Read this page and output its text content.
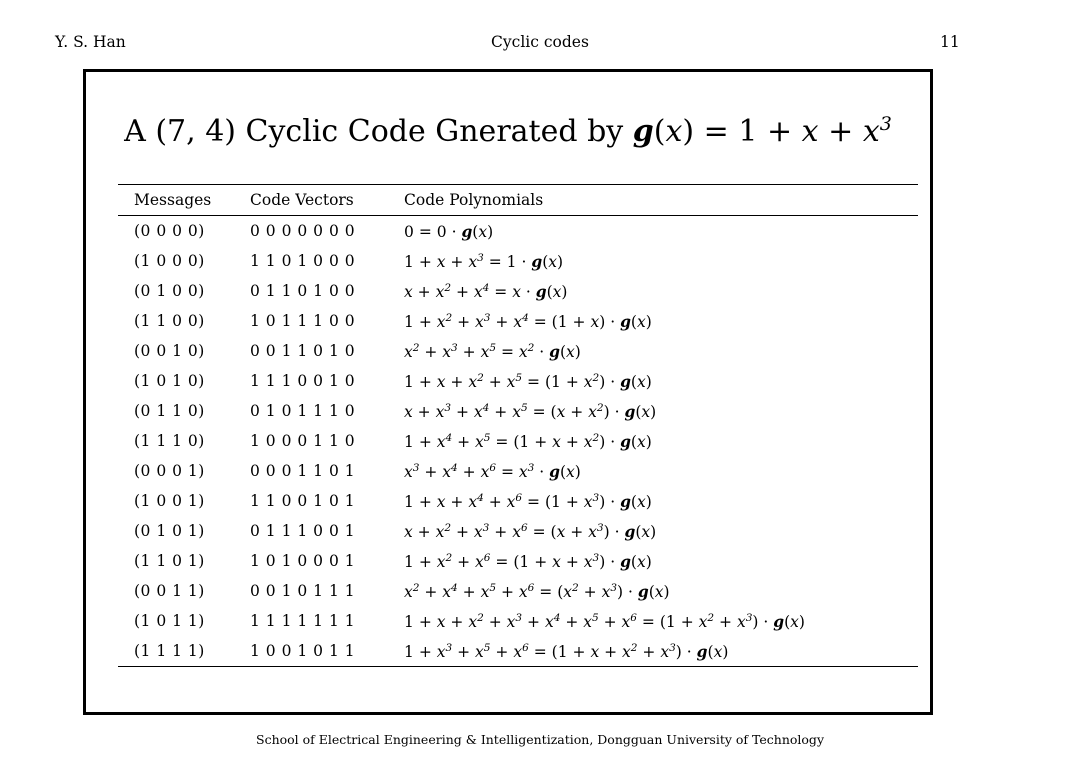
Y. S. Han	Cyclic codes	11
A (7, 4) Cyclic Code Gnerated by $g(x) = 1 + x + x^3$
Messages	Code Vectors	Code Polynomials
(0 0 0 0)	0 0 0 0 0 0 0	0 = 0 · g(x)
(1 0 0 0)	1 1 0 1 0 0 0	$1 + x + x^3 = 1 \cdot g(x)$
(0 1 0 0)	0 1 1 0 1 0 0	$x + x^2 + x^4 = x \cdot g(x)$
(1 1 0 0)	1 0 1 1 1 0 0	$1 + x^2 + x^3 + x^4 = (1 + x) \cdot g(x)$
(0 0 1 0)	0 0 1 1 0 1 0	$x^2 + x^3 + x^5 = x^2 \cdot g(x)$
(1 0 1 0)	1 1 1 0 0 1 0	$1 + x + x^2 + x^5 = (1 + x^2) \cdot g(x)$
(0 1 1 0)	0 1 0 1 1 1 0	$x + x^3 + x^4 + x^5 = (x + x^2) \cdot g(x)$
(1 1 1 0)	1 0 0 0 1 1 0	$1 + x^4 + x^5 = (1 + x + x^2) \cdot g(x)$
(0 0 0 1)	0 0 0 1 1 0 1	$x^3 + x^4 + x^6 = x^3 \cdot g(x)$
(1 0 0 1)	1 1 0 0 1 0 1	$1 + x + x^4 + x^6 = (1 + x^3) \cdot g(x)$
(0 1 0 1)	0 1 1 1 0 0 1	$x + x^2 + x^3 + x^6 = (x + x^3) \cdot g(x)$
(1 1 0 1)	1 0 1 0 0 0 1	$1 + x^2 + x^6 = (1 + x + x^3) \cdot g(x)$
(0 0 1 1)	0 0 1 0 1 1 1	$x^2 + x^4 + x^5 + x^6 = (x^2 + x^3) \cdot g(x)$
(1 0 1 1)	1 1 1 1 1 1 1	$1 + x + x^2 + x^3 + x^4 + x^5 + x^6 = (1 + x^2 + x^3) \cdot g(x)$
(1 1 1 1)	1 0 0 1 0 1 1	$1 + x^3 + x^5 + x^6 = (1 + x + x^2 + x^3) \cdot g(x)$
School of Electrical Engineering & Intelligentization, Dongguan University of Technology
